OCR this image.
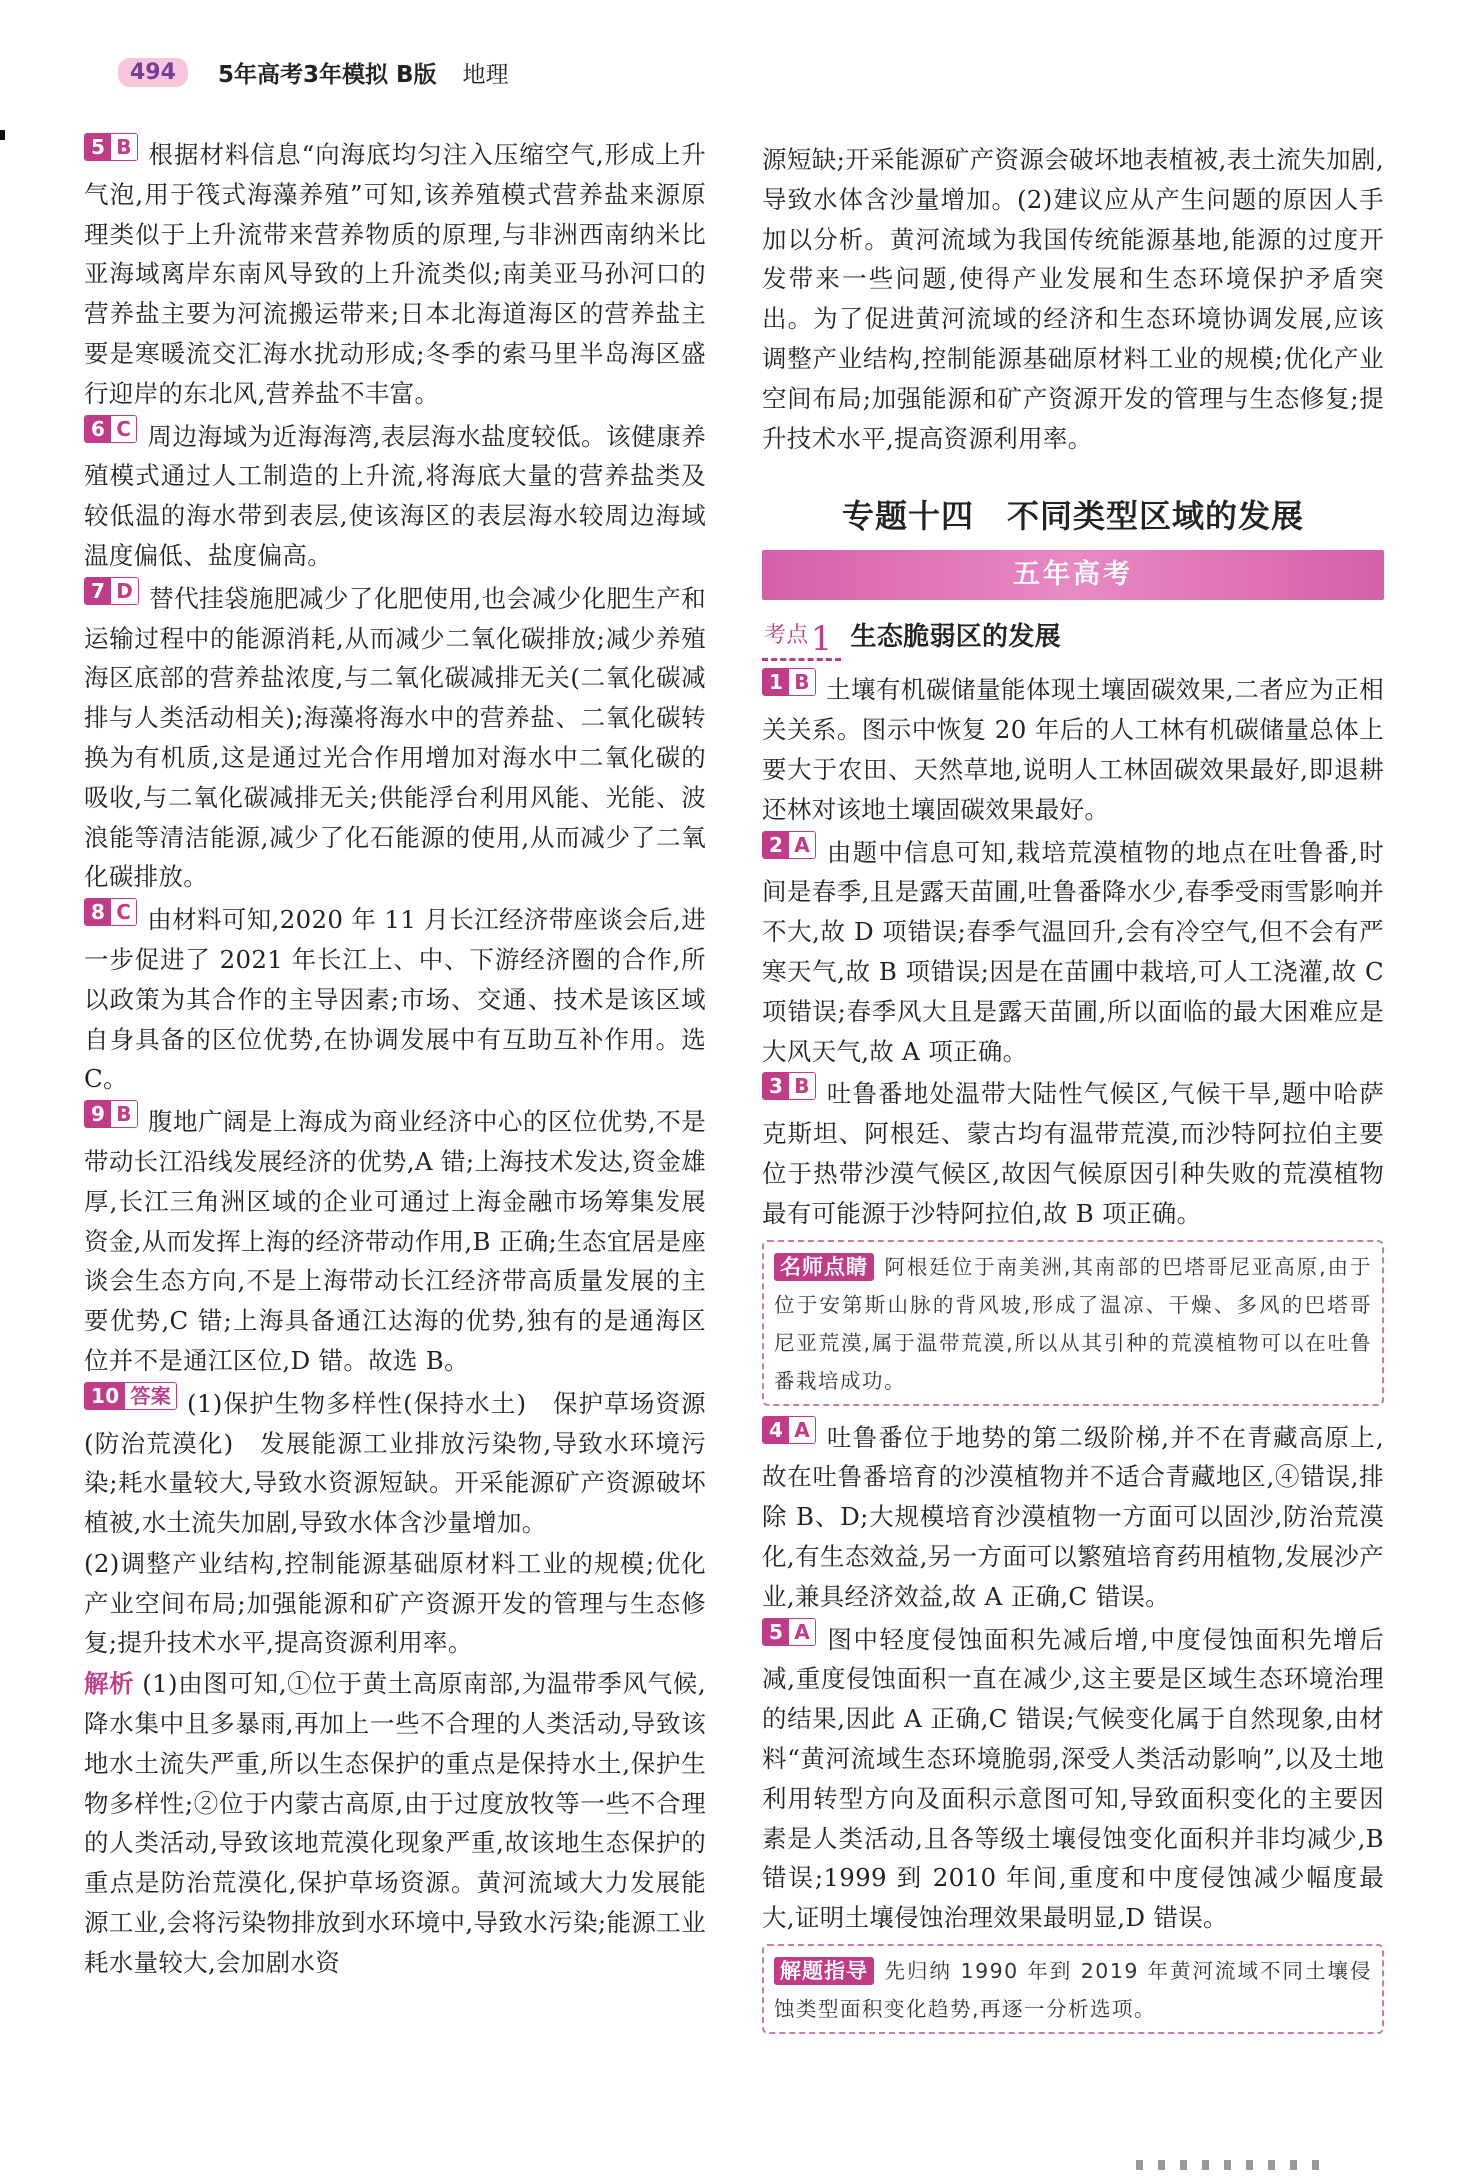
494	5年高考3年模拟 B版 地理

5 B 根据材料信息“向海底均匀注入压缩空气,形成上升气泡,用于筏式海藻养殖”可知,该养殖模式营养盐来源原理类似于上升流带来营养物质的原理,与非洲西南纳米比亚海域离岸东南风导致的上升流类似;南美亚马孙河口的营养盐主要为河流搬运带来;日本北海道海区的营养盐主要是寒暖流交汇海水扰动形成;冬季的索马里半岛海区盛行迎岸的东北风,营养盐不丰富。

6 C 周边海域为近海海湾,表层海水盐度较低。该健康养殖模式通过人工制造的上升流,将海底大量的营养盐类及较低温的海水带到表层,使该海区的表层海水较周边海域温度偏低、盐度偏高。

7 D 替代挂袋施肥减少了化肥使用,也会减少化肥生产和运输过程中的能源消耗,从而减少二氧化碳排放;减少养殖海区底部的营养盐浓度,与二氧化碳减排无关(二氧化碳减排与人类活动相关);海藻将海水中的营养盐、二氧化碳转换为有机质,这是通过光合作用增加对海水中二氧化碳的吸收,与二氧化碳减排无关;供能浮台利用风能、光能、波浪能等清洁能源,减少了化石能源的使用,从而减少了二氧化碳排放。

8 C 由材料可知,2020 年 11 月长江经济带座谈会后,进一步促进了 2021 年长江上、中、下游经济圈的合作,所以政策为其合作的主导因素;市场、交通、技术是该区域自身具备的区位优势,在协调发展中有互助互补作用。选 C。

9 B 腹地广阔是上海成为商业经济中心的区位优势,不是带动长江沿线发展经济的优势,A 错;上海技术发达,资金雄厚,长江三角洲区域的企业可通过上海金融市场筹集发展资金,从而发挥上海的经济带动作用,B 正确;生态宜居是座谈会生态方向,不是上海带动长江经济带高质量发展的主要优势,C 错;上海具备通江达海的优势,独有的是通海区位并不是通江区位,D 错。故选 B。

10 答案 (1)保护生物多样性(保持水土)　保护草场资源(防治荒漠化)　发展能源工业排放污染物,导致水环境污染;耗水量较大,导致水资源短缺。开采能源矿产资源破坏植被,水土流失加剧,导致水体含沙量增加。

(2)调整产业结构,控制能源基础原材料工业的规模;优化产业空间布局;加强能源和矿产资源开发的管理与生态修复;提升技术水平,提高资源利用率。

解析 (1)由图可知,①位于黄土高原南部,为温带季风气候,降水集中且多暴雨,再加上一些不合理的人类活动,导致该地水土流失严重,所以生态保护的重点是保持水土,保护生物多样性;②位于内蒙古高原,由于过度放牧等一些不合理的人类活动,导致该地荒漠化现象严重,故该地生态保护的重点是防治荒漠化,保护草场资源。黄河流域大力发展能源工业,会将污染物排放到水环境中,导致水污染;能源工业耗水量较大,会加剧水资

源短缺;开采能源矿产资源会破坏地表植被,表土流失加剧,导致水体含沙量增加。(2)建议应从产生问题的原因人手加以分析。黄河流域为我国传统能源基地,能源的过度开发带来一些问题,使得产业发展和生态环境保护矛盾突出。为了促进黄河流域的经济和生态环境协调发展,应该调整产业结构,控制能源基础原材料工业的规模;优化产业空间布局;加强能源和矿产资源开发的管理与生态修复;提升技术水平,提高资源利用率。

专题十四　不同类型区域的发展
五年高考
考点 1 生态脆弱区的发展

1 B 土壤有机碳储量能体现土壤固碳效果,二者应为正相关关系。图示中恢复 20 年后的人工林有机碳储量总体上要大于农田、天然草地,说明人工林固碳效果最好,即退耕还林对该地土壤固碳效果最好。

2 A 由题中信息可知,栽培荒漠植物的地点在吐鲁番,时间是春季,且是露天苗圃,吐鲁番降水少,春季受雨雪影响并不大,故 D 项错误;春季气温回升,会有冷空气,但不会有严寒天气,故 B 项错误;因是在苗圃中栽培,可人工浇灌,故 C 项错误;春季风大且是露天苗圃,所以面临的最大困难应是大风天气,故 A 项正确。

3 B 吐鲁番地处温带大陆性气候区,气候干旱,题中哈萨克斯坦、阿根廷、蒙古均有温带荒漠,而沙特阿拉伯主要位于热带沙漠气候区,故因气候原因引种失败的荒漠植物最有可能源于沙特阿拉伯,故 B 项正确。

名师点睛 阿根廷位于南美洲,其南部的巴塔哥尼亚高原,由于位于安第斯山脉的背风坡,形成了温凉、干燥、多风的巴塔哥尼亚荒漠,属于温带荒漠,所以从其引种的荒漠植物可以在吐鲁番栽培成功。

4 A 吐鲁番位于地势的第二级阶梯,并不在青藏高原上,故在吐鲁番培育的沙漠植物并不适合青藏地区,④错误,排除 B、D;大规模培育沙漠植物一方面可以固沙,防治荒漠化,有生态效益,另一方面可以繁殖培育药用植物,发展沙产业,兼具经济效益,故 A 正确,C 错误。

5 A 图中轻度侵蚀面积先减后增,中度侵蚀面积先增后减,重度侵蚀面积一直在减少,这主要是区域生态环境治理的结果,因此 A 正确,C 错误;气候变化属于自然现象,由材料“黄河流域生态环境脆弱,深受人类活动影响”,以及土地利用转型方向及面积示意图可知,导致面积变化的主要因素是人类活动,且各等级土壤侵蚀变化面积并非均减少,B 错误;1999 到 2010 年间,重度和中度侵蚀减少幅度最大,证明土壤侵蚀治理效果最明显,D 错误。

解题指导 先归纳 1990 年到 2019 年黄河流域不同土壤侵蚀类型面积变化趋势,再逐一分析选项。
